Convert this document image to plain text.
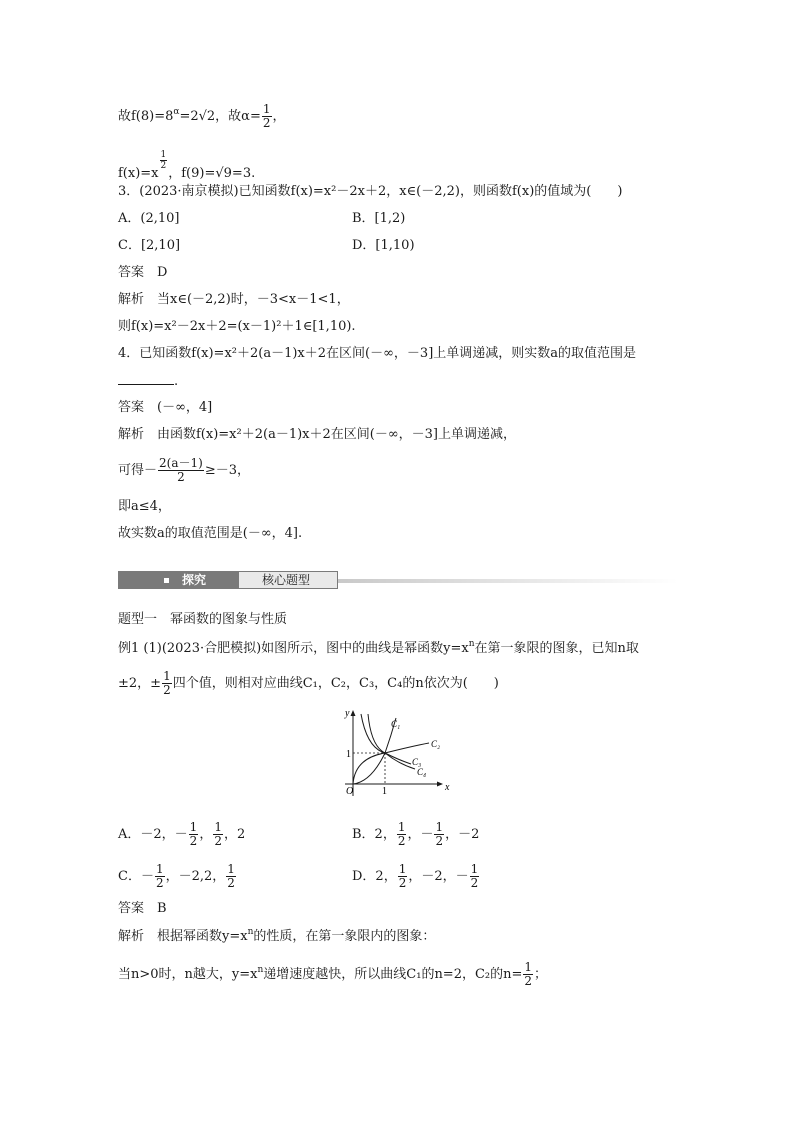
故$f(8)=8^\alpha=2√2$，故$\alpha= \frac{1}{2}$ ，
f(x)=x
$\frac{1}{2}$
，f(9)=√9=3.
3．(2023·南京模拟)已知函数f(x)=x²－2x＋2，x∈(－2,2)，则函数f(x)的值域为(　　)
A．(2,10]	B．[1,2)
C．[2,10]	D．[1,10)
答案　D
解析　当x∈(－2,2)时，－3<x－1<1，
则f(x)=x²－2x＋2=(x－1)²＋1∈[1,10).
4．已知函数f(x)=x²＋2(a－1)x＋2在区间(－∞，－3]上单调递减，则实数a的取值范围是
.
答案　(－∞，4]
解析　由函数f(x)=x²＋2(a－1)x＋2在区间(－∞，－3]上单调递减，
可得－ $\frac{2(a-1)}{2} \ge-3$，
即a≤4，
故实数a的取值范围是(－∞，4].
探究	核心题型
题型一　幂函数的图象与性质
例1 (1)(2023·合肥模拟)如图所示，图中的曲线是幂函数$y=x^n$在第一象限的图象，已知n取
±2，± $\frac{1}{2}$ 四个值，则相对应曲线C₁，C₂，C₃，C₄的n依次为(　　)
y
x
O	1
1
C₁
C₂
C₃
C₄
A．－2，－ $\frac{1}{2}$ ， $\frac{1}{2}$ ，2	B．2， $\frac{1}{2}$ ，－ $\frac{1}{2}$ ，－2
C．－ $\frac{1}{2}$ ，－2,2， $\frac{1}{2}$	D．2， $\frac{1}{2}$ ，－2，－ $\frac{1}{2}$
答案　B
解析　根据幂函数$y=x^n$的性质，在第一象限内的图象：
当n>0时，n越大，$y=x^n$递增速度越快，所以曲线C₁的n=2，C₂的$n= \frac{1}{2}$ ；
